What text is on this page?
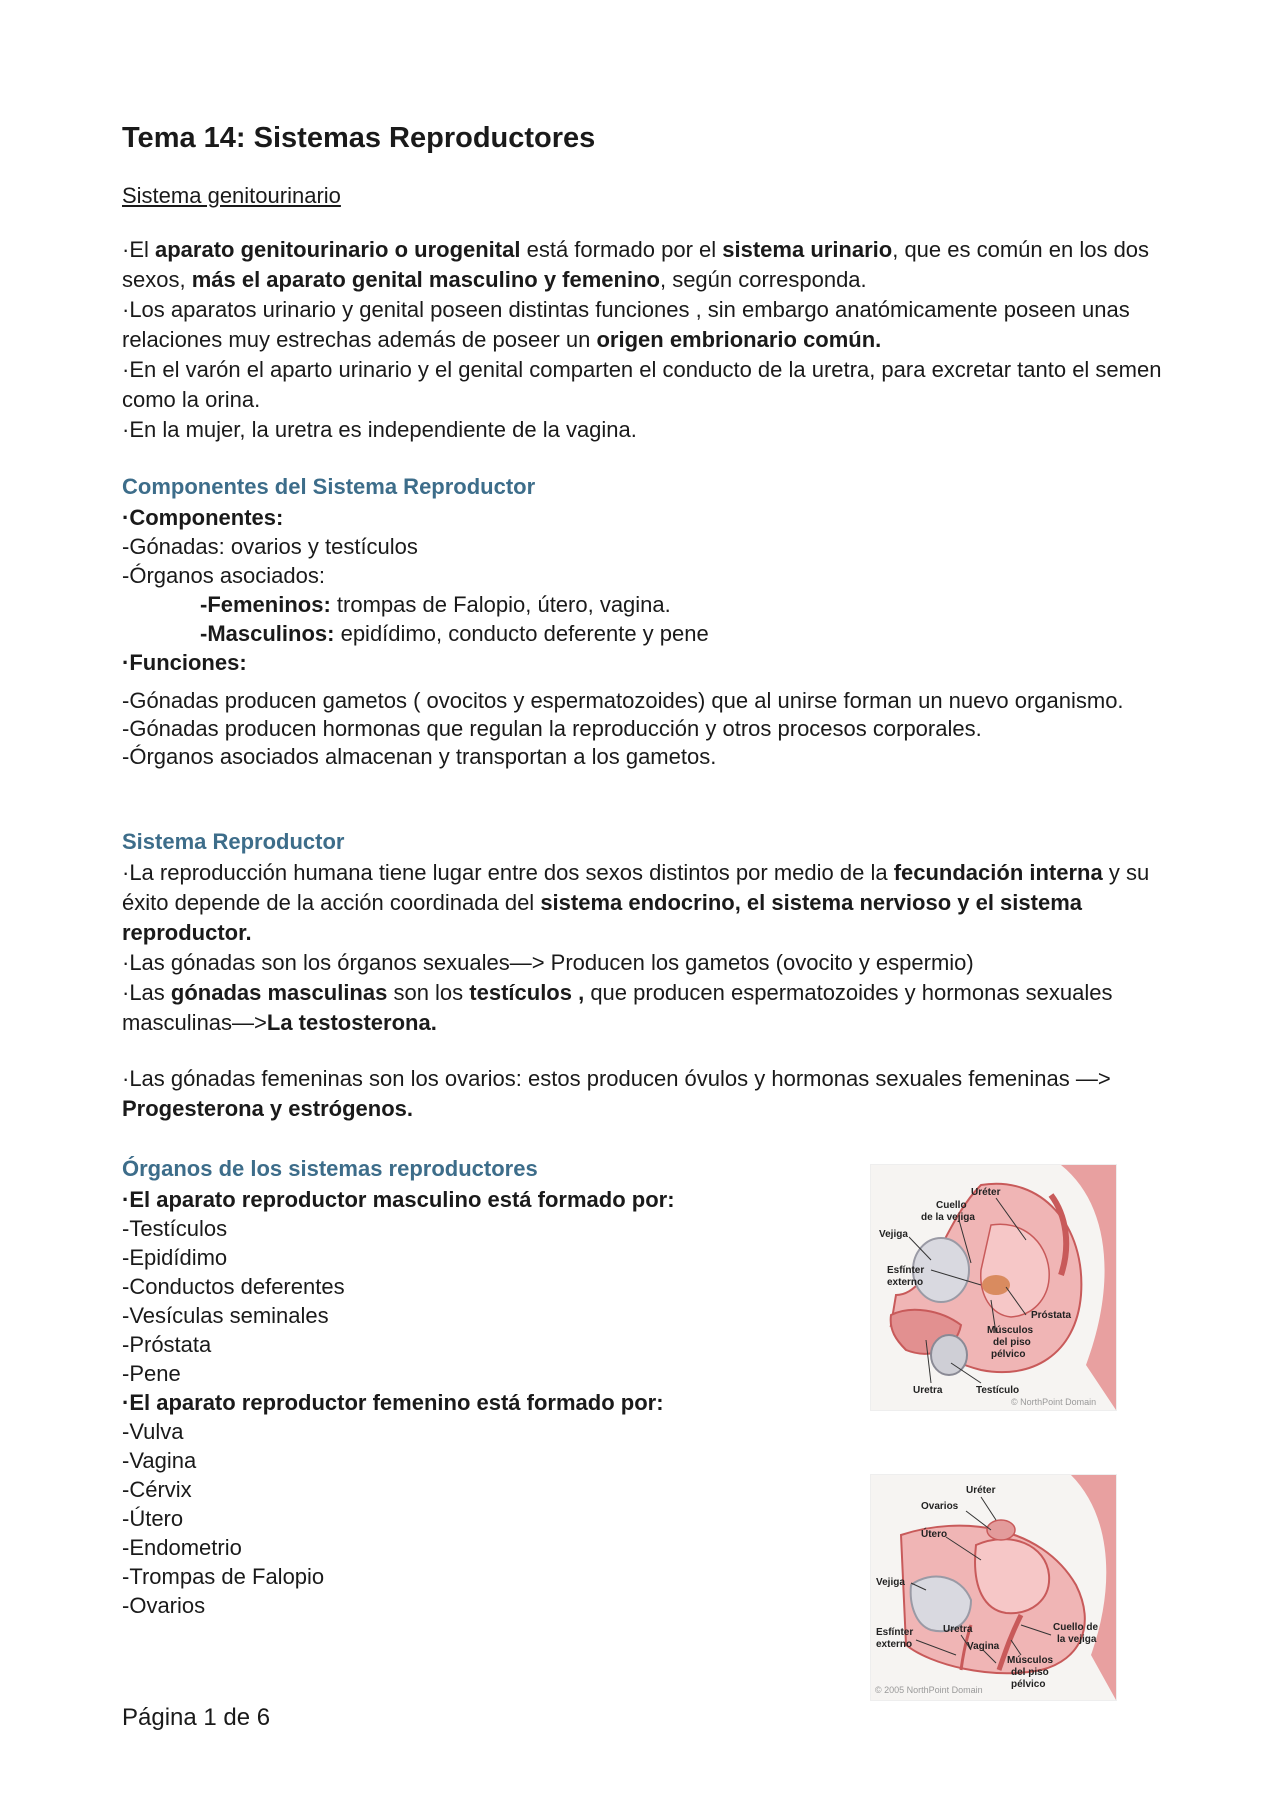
Tema 14: Sistemas Reproductores
Sistema genitourinario

·El aparato genitourinario o urogenital está formado por el sistema urinario, que es común en los dos sexos, más el aparato genital masculino y femenino, según corresponda.

·Los aparatos urinario y genital poseen distintas funciones , sin embargo anatómicamente poseen unas relaciones muy estrechas además de poseer un origen embrionario común.

·En el varón el aparto urinario y el genital comparten el conducto de la uretra, para excretar tanto el semen como la orina.

·En la mujer, la uretra es independiente de la vagina.

Componentes del Sistema Reproductor
·Componentes:
-Gónadas: ovarios y testículos
-Órganos asociados:
-Femeninos: trompas de Falopio, útero, vagina.
-Masculinos: epidídimo, conducto deferente y pene
·Funciones:

-Gónadas producen gametos ( ovocitos y espermatozoides) que al unirse forman un nuevo organismo.

-Gónadas producen hormonas que regulan la reproducción y otros procesos corporales.

-Órganos asociados almacenan y transportan a los gametos.

Sistema Reproductor

·La reproducción humana tiene lugar entre dos sexos distintos por medio de la fecundación interna y su éxito depende de la acción coordinada del sistema endocrino, el sistema nervioso y el sistema reproductor.

·Las gónadas son los órganos sexuales—> Producen los gametos (ovocito y espermio)

·Las gónadas masculinas son los testículos , que producen espermatozoides y hormonas sexuales masculinas—>La testosterona.

·Las gónadas femeninas son los ovarios: estos producen óvulos y hormonas sexuales femeninas —> Progesterona y estrógenos.

Órganos de los sistemas reproductores
·El aparato reproductor masculino está formado por:
-Testículos
-Epidídimo
-Conductos deferentes
-Vesículas seminales
-Próstata
-Pene
·El aparato reproductor femenino está formado por:
-Vulva
-Vagina
-Cérvix
-Útero
-Endometrio
-Trompas de Falopio
-Ovarios
Uréter
Cuello
de la vejiga
Vejiga
Esfínter
externo
Próstata
Músculos
del piso
pélvico
Uretra	Testículo
© NorthPoint Domain
Uréter
Ovarios
Útero
Vejiga
Esfínter
externo
Uretra
Vagina
Cuello de
la vejiga
Músculos
del piso
pélvico
© 2005 NorthPoint Domain
Página 1 de 6
